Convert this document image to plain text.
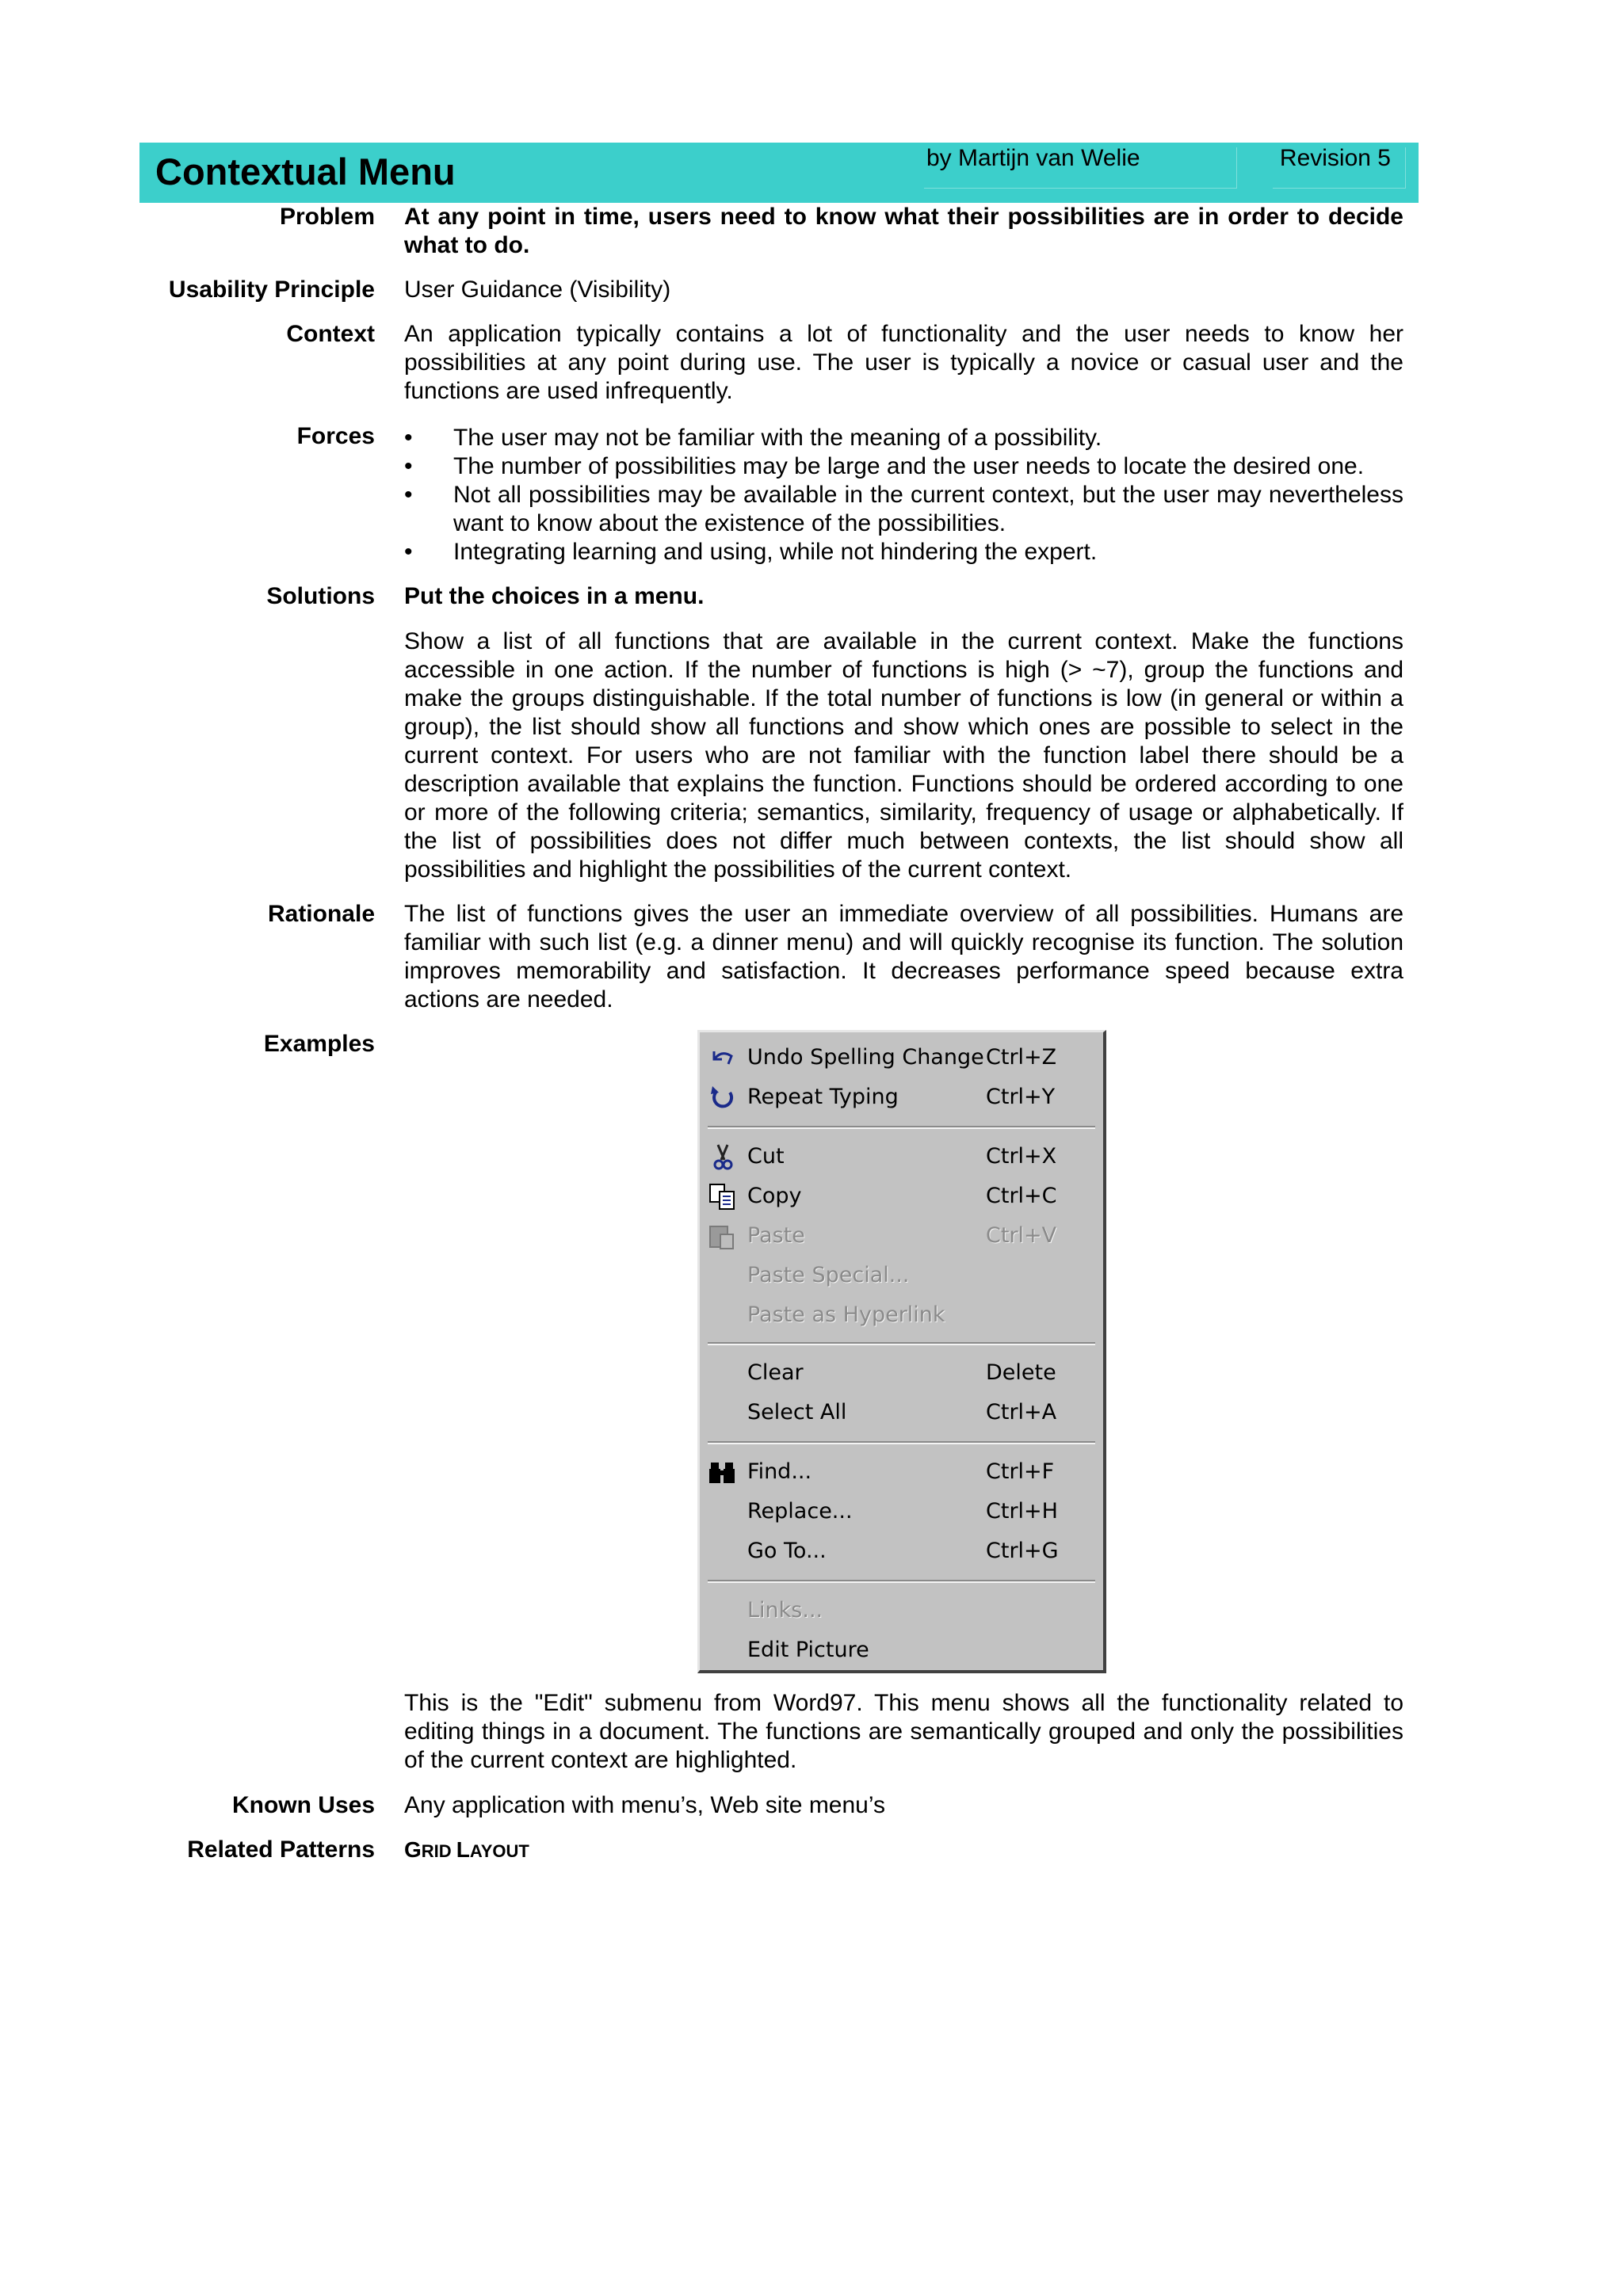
Contextual Menu	by Martijn van Welie	Revision 5
Problem At any point in time, users need to know what their possibilities are in order to decide what to do.
Usability Principle User Guidance (Visibility)
Context An application typically contains a lot of functionality and the user needs to know her possibilities at any point during use. The user is typically a novice or casual user and the functions are used infrequently.
Forces • The user may not be familiar with the meaning of a possibility.
• The number of possibilities may be large and the user needs to locate the desired one.
• Not all possibilities may be available in the current context, but the user may nevertheless want to know about the existence of the possibilities.
• Integrating learning and using, while not hindering the expert.
Solutions Put the choices in a menu.
Show a list of all functions that are available in the current context. Make the functions accessible in one action. If the number of functions is high (> ~7), group the functions and make the groups distinguishable. If the total number of functions is low (in general or within a group), the list should show all functions and show which ones are possible to select in the current context. For users who are not familiar with the function label there should be a description available that explains the function. Functions should be ordered according to one or more of the following criteria; semantics, similarity, frequency of usage or alphabetically. If the list of possibilities does not differ much between contexts, the list should show all possibilities and highlight the possibilities of the current context.
Rationale The list of functions gives the user an immediate overview of all possibilities. Humans are familiar with such list (e.g. a dinner menu) and will quickly recognise its function. The solution improves memorability and satisfaction. It decreases performance speed because extra actions are needed.
Examples
Undo Spelling Change Ctrl+Z
Repeat Typing	Ctrl+Y
Cut	Ctrl+X
Copy	Ctrl+C
Paste	Ctrl+V
Paste Special...
Paste as Hyperlink
Clear	Delete
Select All	Ctrl+A
Find...	Ctrl+F
Replace...	Ctrl+H
Go To...	Ctrl+G
Links...
Edit Picture
This is the "Edit" submenu from Word97. This menu shows all the functionality related to editing things in a document. The functions are semantically grouped and only the possibilities of the current context are highlighted.
Known Uses Any application with menu’s, Web site menu’s
Related Patterns GRID LAYOUT
